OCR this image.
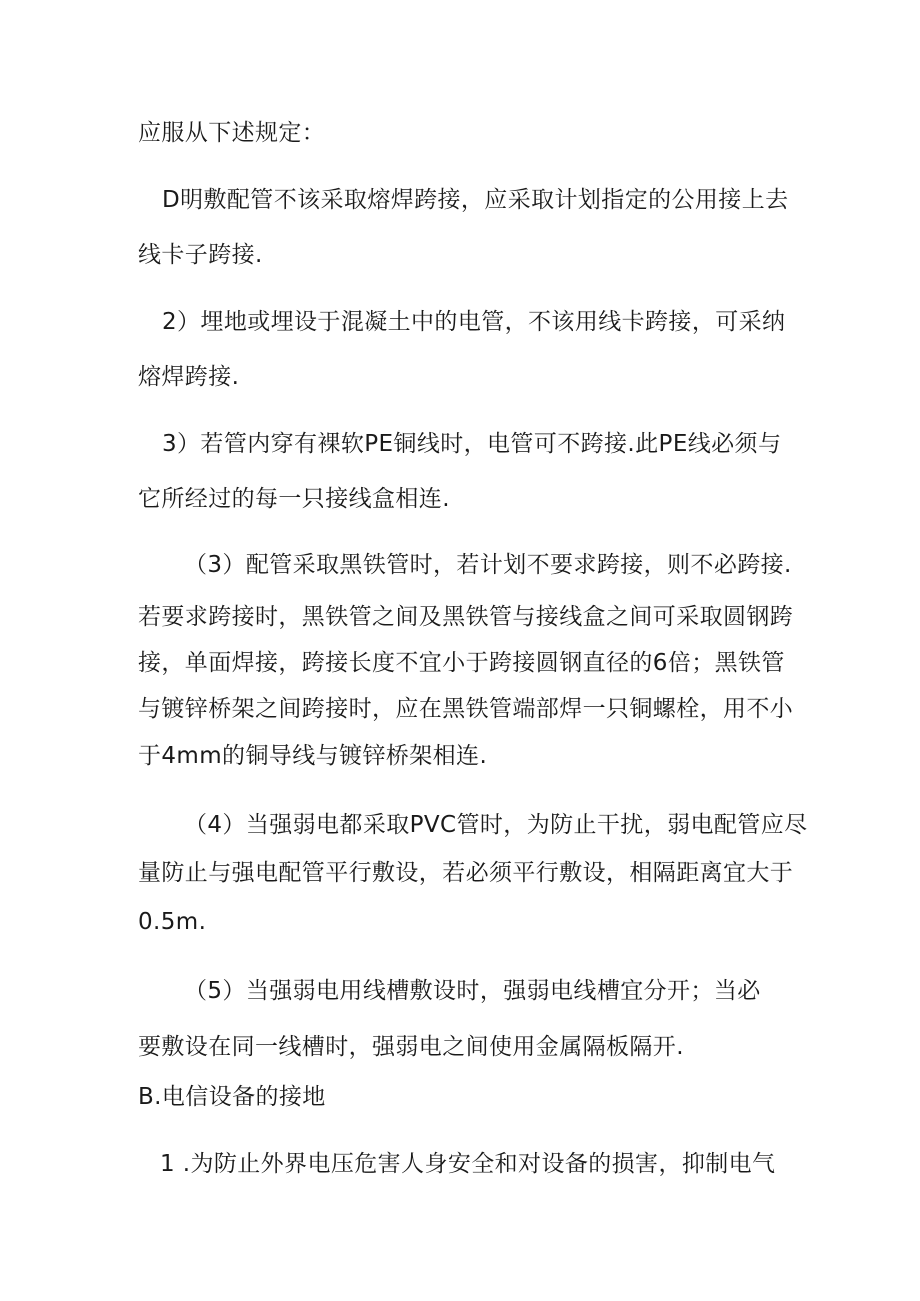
应服从下述规定：
D明敷配管不该采取熔焊跨接，应采取计划指定的公用接上去
线卡子跨接.
2）埋地或埋设于混凝土中的电管，不该用线卡跨接，可采纳
熔焊跨接.
3）若管内穿有裸软PE铜线时，电管可不跨接.此PE线必须与
它所经过的每一只接线盒相连.
（3）配管采取黑铁管时，若计划不要求跨接，则不必跨接.
若要求跨接时，黑铁管之间及黑铁管与接线盒之间可采取圆钢跨
接，单面焊接，跨接长度不宜小于跨接圆钢直径的6倍；黑铁管
与镀锌桥架之间跨接时，应在黑铁管端部焊一只铜螺栓，用不小
于4mm的铜导线与镀锌桥架相连.
（4）当强弱电都采取PVC管时，为防止干扰，弱电配管应尽
量防止与强电配管平行敷设，若必须平行敷设，相隔距离宜大于
0.5m.
（5）当强弱电用线槽敷设时，强弱电线槽宜分开；当必
要敷设在同一线槽时，强弱电之间使用金属隔板隔开.
B.电信设备的接地
1 .为防止外界电压危害人身安全和对设备的损害，抑制电气
